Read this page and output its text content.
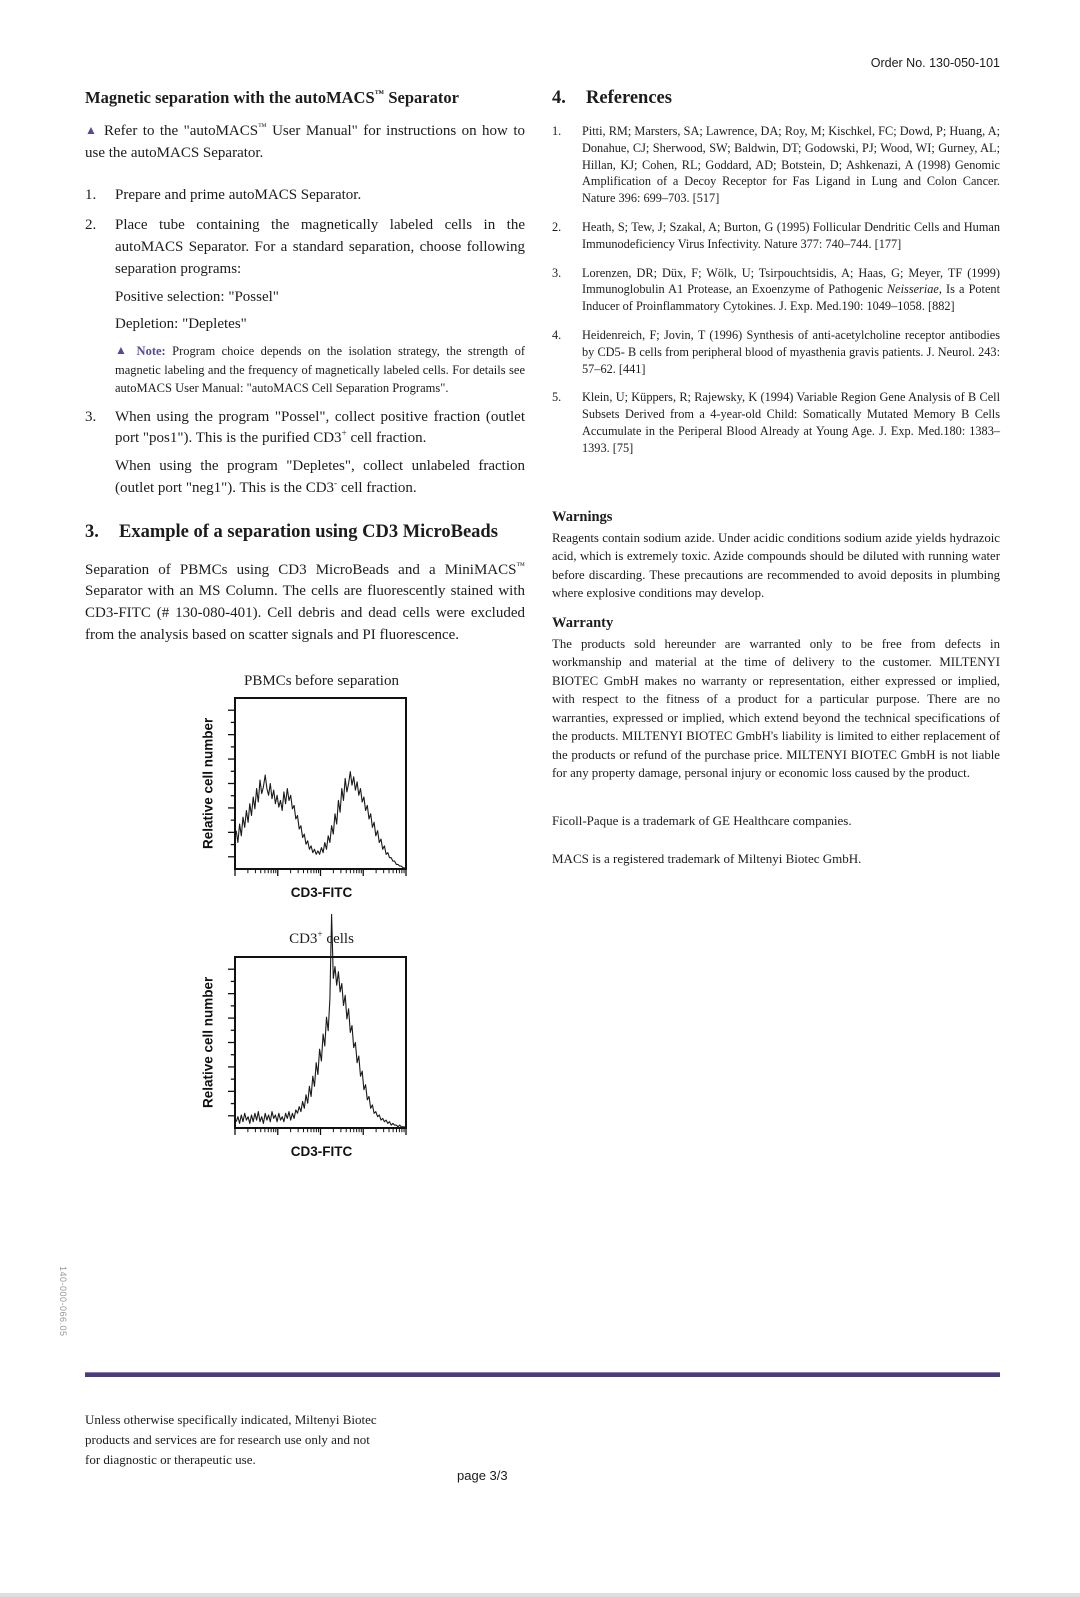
Order No. 130-050-101
Magnetic separation with the autoMACS™ Separator

▲ Refer to the "autoMACS™ User Manual" for instructions on how to use the autoMACS Separator.

1.	Prepare and prime autoMACS Separator.
2.	Place tube containing the magnetically labeled cells in the autoMACS Separator. For a standard separation, choose following separation programs:
Positive selection: "Possel"
Depletion: "Depletes"
▲ Note: Program choice depends on the isolation strategy, the strength of magnetic labeling and the frequency of magnetically labeled cells. For details see autoMACS User Manual: "autoMACS Cell Separation Programs".
3.	When using the program "Possel", collect positive fraction (outlet port "pos1"). This is the purified CD3+ cell fraction.
When using the program "Depletes", collect unlabeled fraction (outlet port "neg1"). This is the CD3- cell fraction.
3.	Example of a separation using CD3 MicroBeads

Separation of PBMCs using CD3 MicroBeads and a MiniMACS™ Separator with an MS Column. The cells are fluorescently stained with CD3-FITC (# 130-080-401). Cell debris and dead cells were excluded from the analysis based on scatter signals and PI fluorescence.

PBMCs before separation
Relative cell number
CD3-FITC
CD3+ cells
Relative cell number
CD3-FITC
4.	References
1.	Pitti, RM; Marsters, SA; Lawrence, DA; Roy, M; Kischkel, FC; Dowd, P; Huang, A; Donahue, CJ; Sherwood, SW; Baldwin, DT; Godowski, PJ; Wood, WI; Gurney, AL; Hillan, KJ; Cohen, RL; Goddard, AD; Botstein, D; Ashkenazi, A (1998) Genomic Amplification of a Decoy Receptor for Fas Ligand in Lung and Colon Cancer. Nature 396: 699–703. [517]
2.	Heath, S; Tew, J; Szakal, A; Burton, G (1995) Follicular Dendritic Cells and Human Immunodeficiency Virus Infectivity. Nature 377: 740–744. [177]
3.	Lorenzen, DR; Düx, F; Wölk, U; Tsirpouchtsidis, A; Haas, G; Meyer, TF (1999) Immunoglobulin A1 Protease, an Exoenzyme of Pathogenic Neisseriae, Is a Potent Inducer of Proinflammatory Cytokines. J. Exp. Med.190: 1049–1058. [882]
4.	Heidenreich, F; Jovin, T (1996) Synthesis of anti-acetylcholine receptor antibodies by CD5- B cells from peripheral blood of myasthenia gravis patients. J. Neurol. 243: 57–62. [441]
5.	Klein, U; Küppers, R; Rajewsky, K (1994) Variable Region Gene Analysis of B Cell Subsets Derived from a 4-year-old Child: Somatically Mutated Memory B Cells Accumulate in the Periperal Blood Already at Young Age. J. Exp. Med.180: 1383–1393. [75]
Warnings
Reagents contain sodium azide. Under acidic conditions sodium azide yields hydrazoic acid, which is extremely toxic. Azide compounds should be diluted with running water before discarding. These precautions are recommended to avoid deposits in plumbing where explosive conditions may develop.
Warranty
The products sold hereunder are warranted only to be free from defects in workmanship and material at the time of delivery to the customer. MILTENYI BIOTEC GmbH makes no warranty or representation, either expressed or implied, with respect to the fitness of a product for a particular purpose. There are no warranties, expressed or implied, which extend beyond the technical specifications of the products. MILTENYI BIOTEC GmbH's liability is limited to either replacement of the products or refund of the purchase price. MILTENYI BIOTEC GmbH is not liable for any property damage, personal injury or economic loss caused by the product.
Ficoll-Paque is a trademark of GE Healthcare companies.
MACS is a registered trademark of Miltenyi Biotec GmbH.
140-000-066.05

Unless otherwise specifically indicated, Miltenyi Biotec products and services are for research use only and not for diagnostic or therapeutic use.

page 3/3
